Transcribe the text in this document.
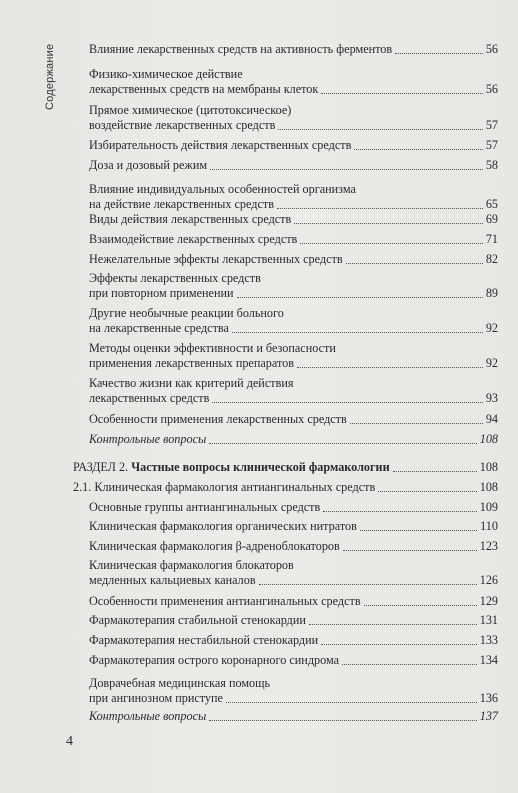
Содержание	Влияние лекарственных средств на активность ферментов	56
Физико-химическое действие
лекарственных средств на мембраны клеток	56
Прямое химическое (цитотоксическое)
воздействие лекарственных средств	57
Избирательность действия лекарственных средств	57
Доза и дозовый режим	58
Влияние индивидуальных особенностей организма
на действие лекарственных средств	65
Виды действия лекарственных средств	69
Взаимодействие лекарственных средств	71
Нежелательные эффекты лекарственных средств	82
Эффекты лекарственных средств
при повторном применении	89
Другие необычные реакции больного
на лекарственные средства	92
Методы оценки эффективности и безопасности
применения лекарственных препаратов	92
Качество жизни как критерий действия
лекарственных средств	93
Особенности применения лекарственных средств	94
Контрольные вопросы	108
РАЗДЕЛ 2. Частные вопросы клинической фармакологии	108
2.1. Клиническая фармакология антиангинальных средств	108
Основные группы антиангинальных средств	109
Клиническая фармакология органических нитратов	110
Клиническая фармакология β-адреноблокаторов	123
Клиническая фармакология блокаторов
медленных кальциевых каналов	126
Особенности применения антиангинальных средств	129
Фармакотерапия стабильной стенокардии	131
Фармакотерапия нестабильной стенокардии	133
Фармакотерапия острого коронарного синдрома	134
Доврачебная медицинская помощь
при ангинозном приступе	136
Контрольные вопросы	137
4
